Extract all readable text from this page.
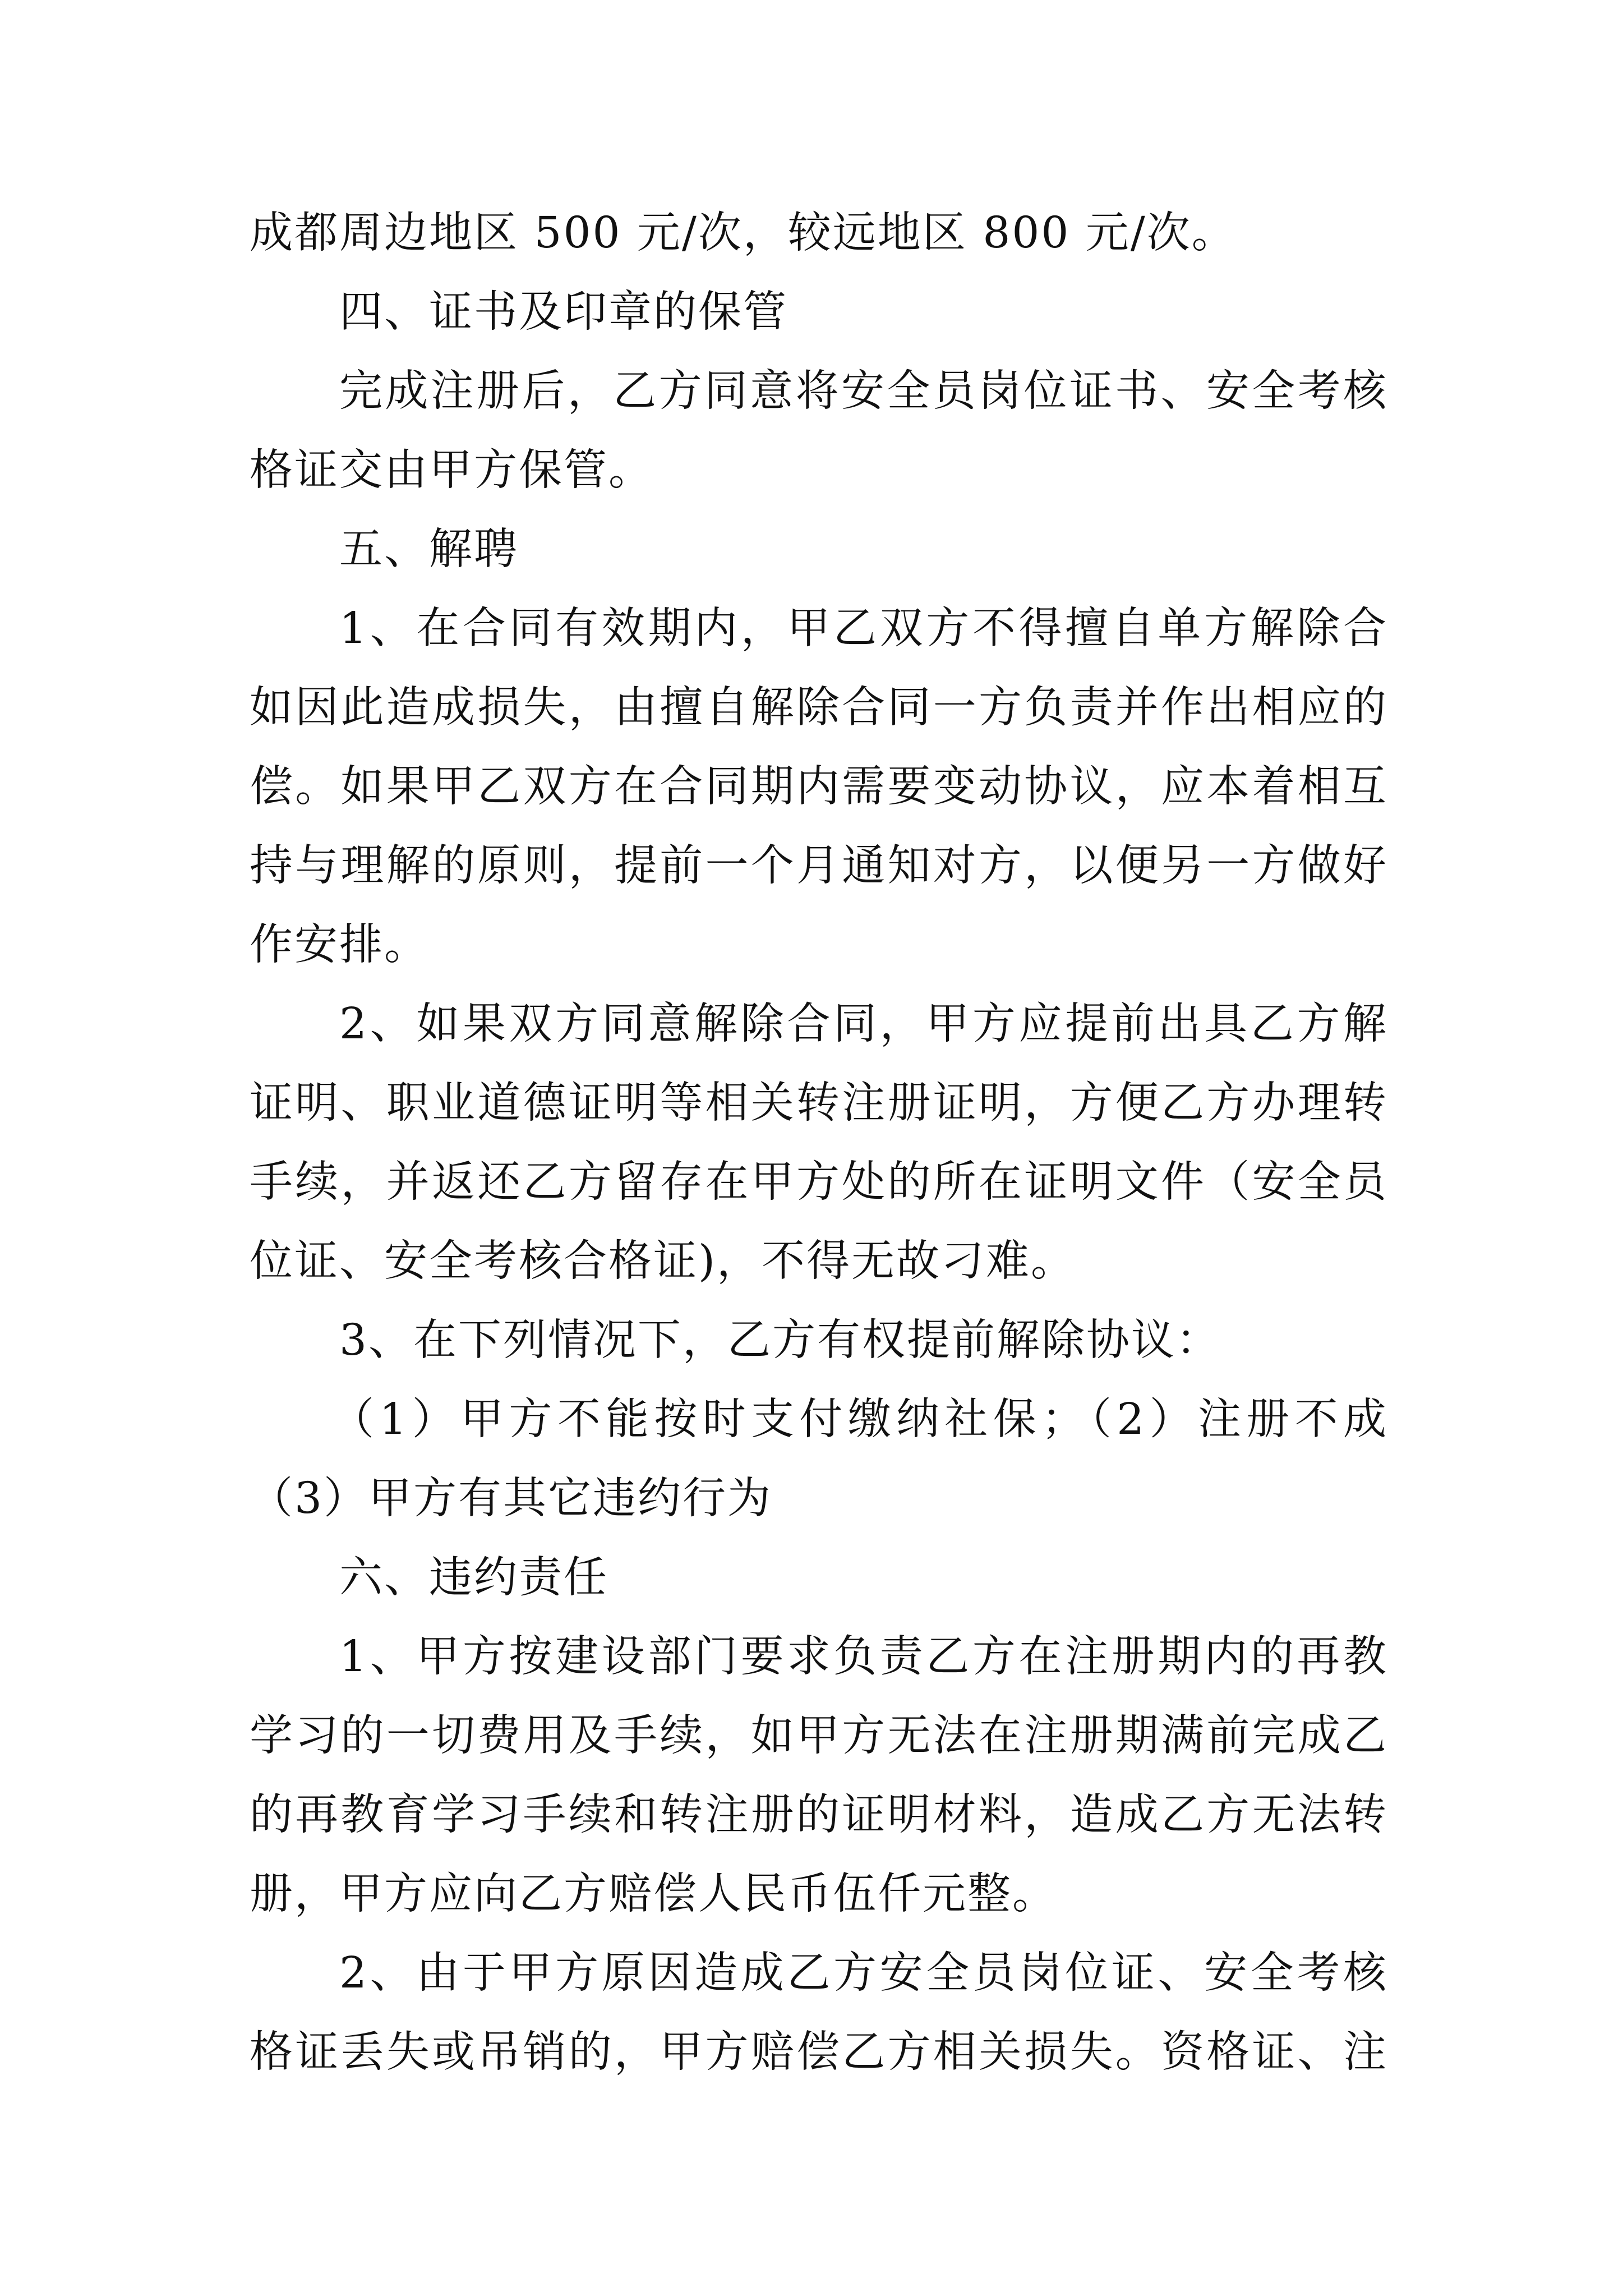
成都周边地区 500 元/次，较远地区 800 元/次。
四、证书及印章的保管
完成注册后，乙方同意将安全员岗位证书、安全考核
格证交由甲方保管。
五、解聘
1、在合同有效期内，甲乙双方不得擅自单方解除合
如因此造成损失，由擅自解除合同一方负责并作出相应的
偿。如果甲乙双方在合同期内需要变动协议，应本着相互
持与理解的原则，提前一个月通知对方，以便另一方做好
作安排。
2、如果双方同意解除合同，甲方应提前出具乙方解
证明、职业道德证明等相关转注册证明，方便乙方办理转
手续，并返还乙方留存在甲方处的所在证明文件（安全员
位证、安全考核合格证)，不得无故刁难。
3、在下列情况下，乙方有权提前解除协议：
（1）甲方不能按时支付缴纳社保；（2）注册不成
（3）甲方有其它违约行为
六、违约责任
1、甲方按建设部门要求负责乙方在注册期内的再教
学习的一切费用及手续，如甲方无法在注册期满前完成乙
的再教育学习手续和转注册的证明材料，造成乙方无法转
册，甲方应向乙方赔偿人民币伍仟元整。
2、由于甲方原因造成乙方安全员岗位证、安全考核
格证丢失或吊销的，甲方赔偿乙方相关损失。资格证、注
